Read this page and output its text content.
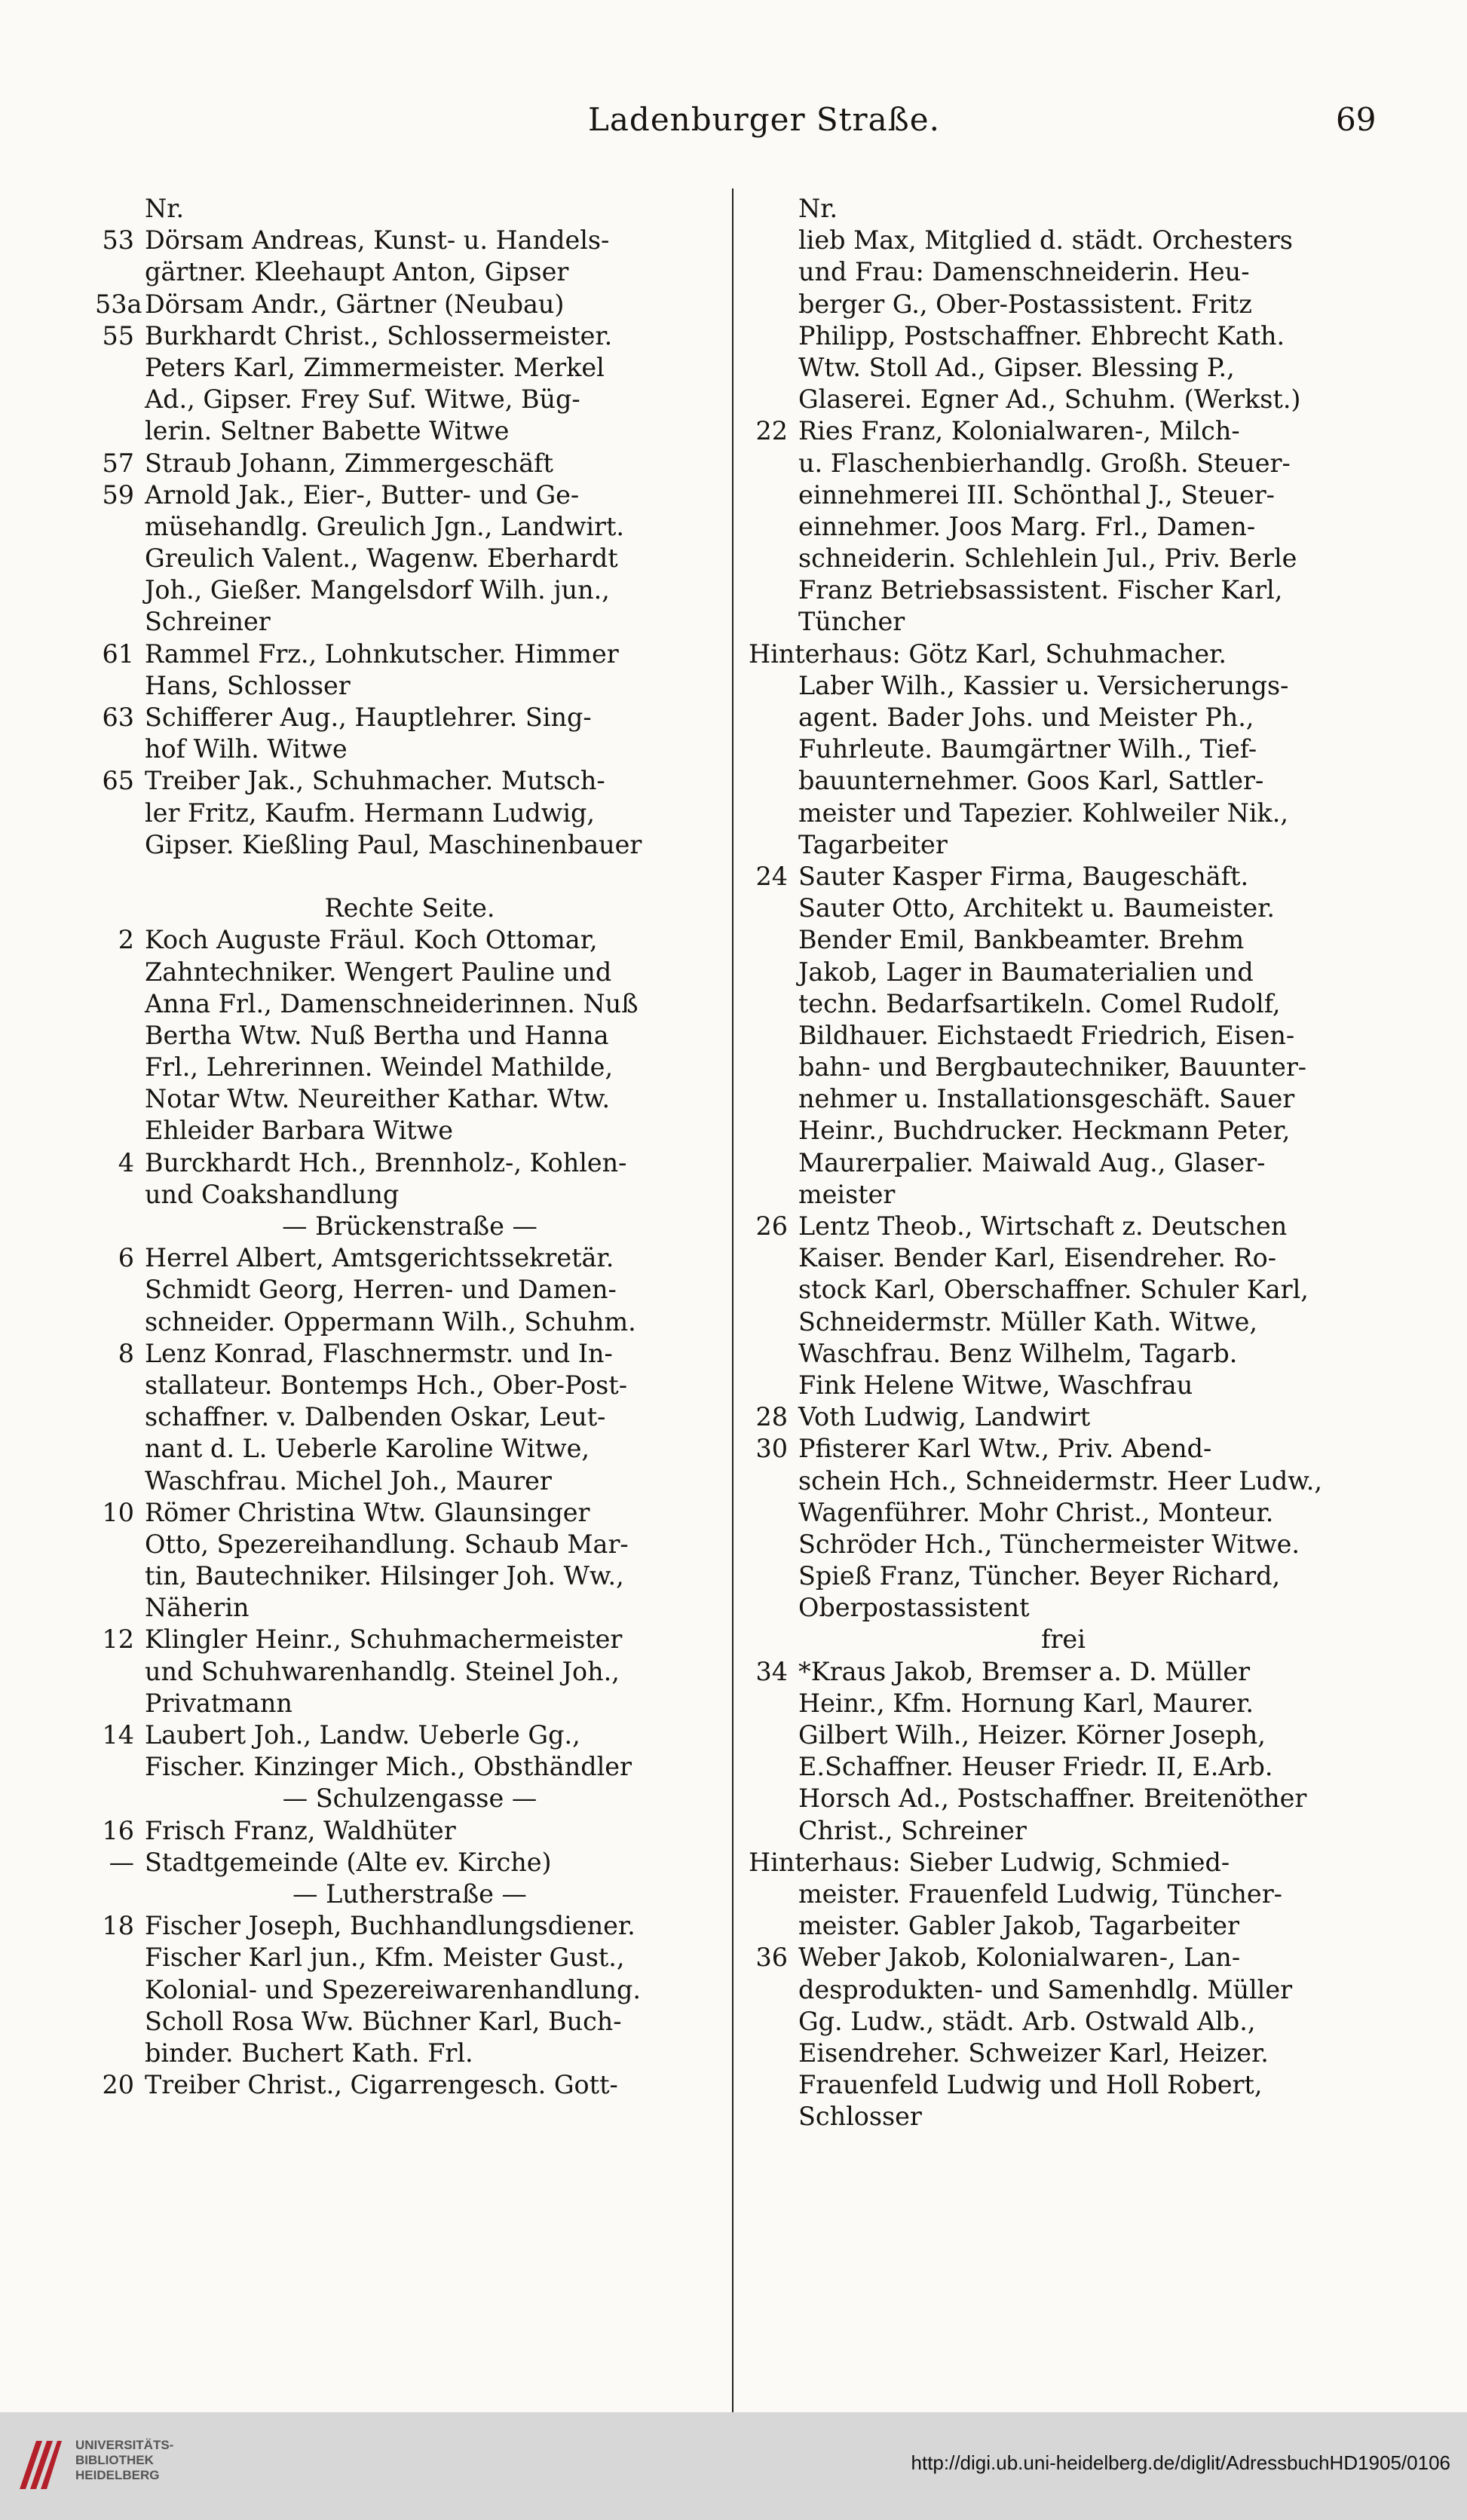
Ladenburger Straße.	69
Nr.
53 Dörsam Andreas, Kunst- u. Handels-
gärtner. Kleehaupt Anton, Gipser
53a Dörsam Andr., Gärtner (Neubau)
55 Burkhardt Christ., Schlossermeister.
Peters Karl, Zimmermeister. Merkel
Ad., Gipser. Frey Suf. Witwe, Büg-
lerin. Seltner Babette Witwe
57 Straub Johann, Zimmergeschäft
59 Arnold Jak., Eier-, Butter- und Ge-
müsehandlg. Greulich Jgn., Landwirt.
Greulich Valent., Wagenw. Eberhardt
Joh., Gießer. Mangelsdorf Wilh. jun.,
Schreiner
61 Rammel Frz., Lohnkutscher. Himmer
Hans, Schlosser
63 Schifferer Aug., Hauptlehrer. Sing-
hof Wilh. Witwe
65 Treiber Jak., Schuhmacher. Mutsch-
ler Fritz, Kaufm. Hermann Ludwig,
Gipser. Kießling Paul, Maschinenbauer
Rechte Seite.
2 Koch Auguste Fräul. Koch Ottomar,
Zahntechniker. Wengert Pauline und
Anna Frl., Damenschneiderinnen. Nuß
Bertha Wtw. Nuß Bertha und Hanna
Frl., Lehrerinnen. Weindel Mathilde,
Notar Wtw. Neureither Kathar. Wtw.
Ehleider Barbara Witwe
4 Burckhardt Hch., Brennholz-, Kohlen-
und Coakshandlung
— Brückenstraße —
6 Herrel Albert, Amtsgerichtssekretär.
Schmidt Georg, Herren- und Damen-
schneider. Oppermann Wilh., Schuhm.
8 Lenz Konrad, Flaschnermstr. und In-
stallateur. Bontemps Hch., Ober-Post-
schaffner. v. Dalbenden Oskar, Leut-
nant d. L. Ueberle Karoline Witwe,
Waschfrau. Michel Joh., Maurer
10 Römer Christina Wtw. Glaunsinger
Otto, Spezereihandlung. Schaub Mar-
tin, Bautechniker. Hilsinger Joh. Ww.,
Näherin
12 Klingler Heinr., Schuhmachermeister
und Schuhwarenhandlg. Steinel Joh.,
Privatmann
14 Laubert Joh., Landw. Ueberle Gg.,
Fischer. Kinzinger Mich., Obsthändler
— Schulzengasse —
16 Frisch Franz, Waldhüter
— Stadtgemeinde (Alte ev. Kirche)
— Lutherstraße —
18 Fischer Joseph, Buchhandlungsdiener.
Fischer Karl jun., Kfm. Meister Gust.,
Kolonial- und Spezereiwarenhandlung.
Scholl Rosa Ww. Büchner Karl, Buch-
binder. Buchert Kath. Frl.
20 Treiber Christ., Cigarrengesch. Gott-
Nr.
lieb Max, Mitglied d. städt. Orchesters
und Frau: Damenschneiderin. Heu-
berger G., Ober-Postassistent. Fritz
Philipp, Postschaffner. Ehbrecht Kath.
Wtw. Stoll Ad., Gipser. Blessing P.,
Glaserei. Egner Ad., Schuhm. (Werkst.)
22 Ries Franz, Kolonialwaren-, Milch-
u. Flaschenbierhandlg. Großh. Steuer-
einnehmerei III. Schönthal J., Steuer-
einnehmer. Joos Marg. Frl., Damen-
schneiderin. Schlehlein Jul., Priv. Berle
Franz Betriebsassistent. Fischer Karl,
Tüncher
Hinterhaus: Götz Karl, Schuhmacher.
Laber Wilh., Kassier u. Versicherungs-
agent. Bader Johs. und Meister Ph.,
Fuhrleute. Baumgärtner Wilh., Tief-
bauunternehmer. Goos Karl, Sattler-
meister und Tapezier. Kohlweiler Nik.,
Tagarbeiter
24 Sauter Kasper Firma, Baugeschäft.
Sauter Otto, Architekt u. Baumeister.
Bender Emil, Bankbeamter. Brehm
Jakob, Lager in Baumaterialien und
techn. Bedarfsartikeln. Comel Rudolf,
Bildhauer. Eichstaedt Friedrich, Eisen-
bahn- und Bergbautechniker, Bauunter-
nehmer u. Installationsgeschäft. Sauer
Heinr., Buchdrucker. Heckmann Peter,
Maurerpalier. Maiwald Aug., Glaser-
meister
26 Lentz Theob., Wirtschaft z. Deutschen
Kaiser. Bender Karl, Eisendreher. Ro-
stock Karl, Oberschaffner. Schuler Karl,
Schneidermstr. Müller Kath. Witwe,
Waschfrau. Benz Wilhelm, Tagarb.
Fink Helene Witwe, Waschfrau
28 Voth Ludwig, Landwirt
30 Pfisterer Karl Wtw., Priv. Abend-
schein Hch., Schneidermstr. Heer Ludw.,
Wagenführer. Mohr Christ., Monteur.
Schröder Hch., Tünchermeister Witwe.
Spieß Franz, Tüncher. Beyer Richard,
Oberpostassistent
frei
34 *Kraus Jakob, Bremser a. D. Müller
Heinr., Kfm. Hornung Karl, Maurer.
Gilbert Wilh., Heizer. Körner Joseph,
E.Schaffner. Heuser Friedr. II, E.Arb.
Horsch Ad., Postschaffner. Breitenöther
Christ., Schreiner
Hinterhaus: Sieber Ludwig, Schmied-
meister. Frauenfeld Ludwig, Tüncher-
meister. Gabler Jakob, Tagarbeiter
36 Weber Jakob, Kolonialwaren-, Lan-
desprodukten- und Samenhdlg. Müller
Gg. Ludw., städt. Arb. Ostwald Alb.,
Eisendreher. Schweizer Karl, Heizer.
Frauenfeld Ludwig und Holl Robert,
Schlosser
UNIVERSITÄTS-
BIBLIOTHEK
HEIDELBERG
http://digi.ub.uni-heidelberg.de/diglit/AdressbuchHD1905/0106
